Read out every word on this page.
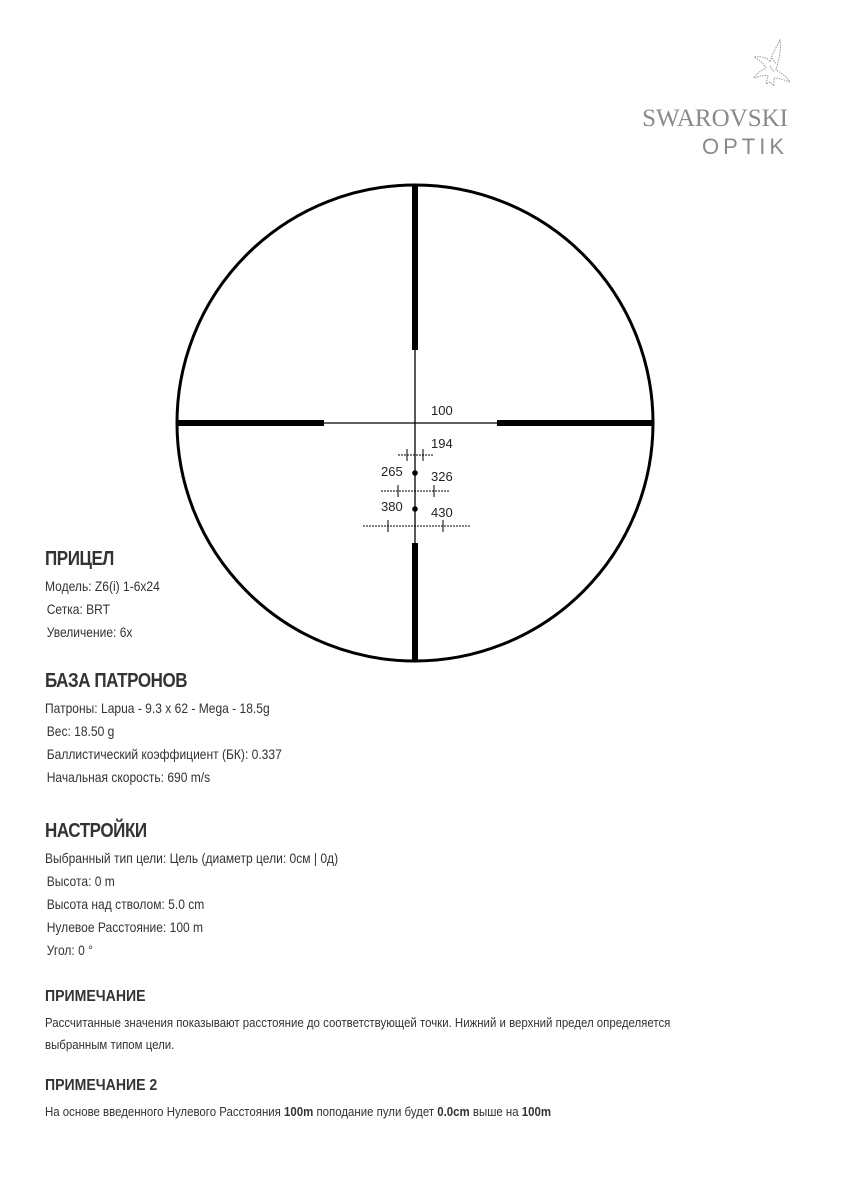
SWAROVSKI
OPTIK
100
194
265 326
380 430
ПРИЦЕЛ
Модель: Z6(i) 1-6x24
Сетка: BRT
Увеличение: 6x
БАЗА ПАТРОНОВ
Патроны: Lapua - 9.3 x 62 - Mega - 18.5g
Вес: 18.50 g
Баллистический коэффициент (БК): 0.337
Начальная скорость: 690 m/s
НАСТРОЙКИ
Выбранный тип цели: Цель (диаметр цели: 0см | 0д)
Высота: 0 m
Высота над стволом: 5.0 cm
Нулевое Расстояние: 100 m
Угол: 0 °
ПРИМЕЧАНИЕ
Рассчитанные значения показывают расстояние до соответствующей точки. Нижний и верхний предел определяется
выбранным типом цели.
ПРИМЕЧАНИЕ 2
На основе введенного Нулевого Расстояния 100m поподание пули будет 0.0cm выше на 100m
